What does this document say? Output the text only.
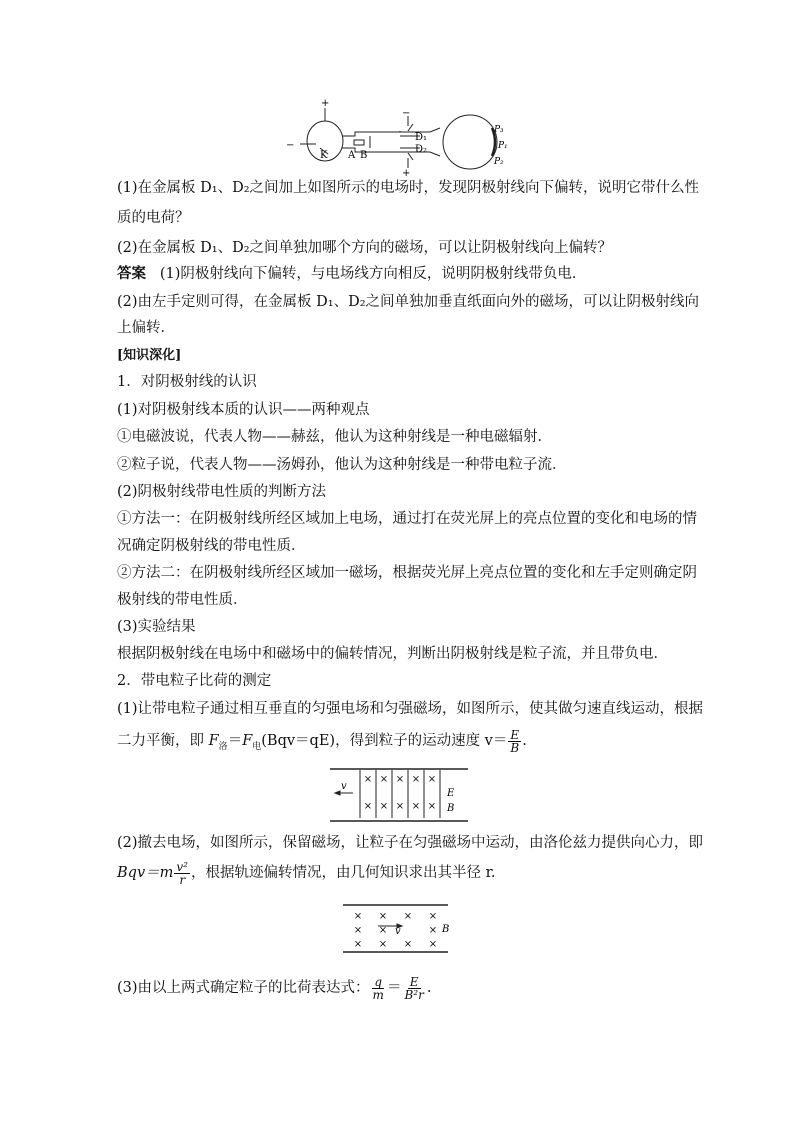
+
−
K A B
−
+
D₁
D₂
P₃
P₁
P₂
(1)在金属板 D₁、D₂之间加上如图所示的电场时，发现阴极射线向下偏转，说明它带什么性
质的电荷？
(2)在金属板 D₁、D₂之间单独加哪个方向的磁场，可以让阴极射线向上偏转？
答案 (1)阴极射线向下偏转，与电场线方向相反，说明阴极射线带负电．
(2)由左手定则可得，在金属板 D₁、D₂之间单独加垂直纸面向外的磁场，可以让阴极射线向
上偏转．
[知识深化]
1．对阴极射线的认识
(1)对阴极射线本质的认识——两种观点
①电磁波说，代表人物——赫兹，他认为这种射线是一种电磁辐射．
②粒子说，代表人物——汤姆孙，他认为这种射线是一种带电粒子流．
(2)阴极射线带电性质的判断方法
①方法一：在阴极射线所经区域加上电场，通过打在荧光屏上的亮点位置的变化和电场的情
况确定阴极射线的带电性质．
②方法二：在阴极射线所经区域加一磁场，根据荧光屏上亮点位置的变化和左手定则确定阴
极射线的带电性质．
(3)实验结果
根据阴极射线在电场中和磁场中的偏转情况，判断出阴极射线是粒子流，并且带负电．
2．带电粒子比荷的测定
(1)让带电粒子通过相互垂直的匀强电场和匀强磁场，如图所示，使其做匀速直线运动，根据
二力平衡，即 $F_洛=F_电(Bqv=qE)$，得到粒子的运动速度 $v= \frac{E}{B}$ .
× × × × ×
× × × × ×
v
E
B
(2)撤去电场，如图所示，保留磁场，让粒子在匀强磁场中运动，由洛伦兹力提供向心力，即
$Bqv=m \frac{\text{v²}}{r}$ ，根据轨迹偏转情况，由几何知识求出其半径 r.
× × × ×
× ×	×
× × × ×
v	B
(3)由以上两式确定粒子的比荷表达式： $\frac{q}{m} = \frac{E}{\text{B²r}}$ .
